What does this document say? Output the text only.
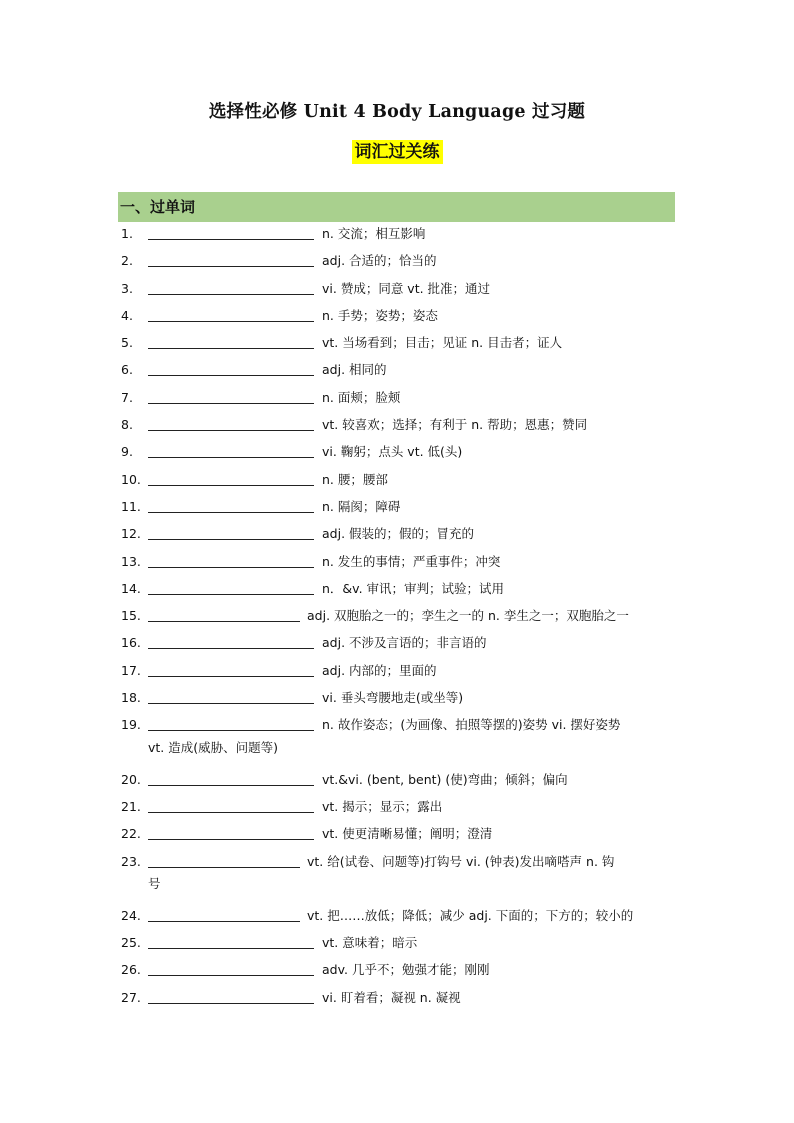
选择性必修 Unit 4 Body Language 过习题
词汇过关练
一、过单词
1.	n. 交流；相互影响
2.	adj. 合适的；恰当的
3.	vi. 赞成；同意 vt. 批准；通过
4.	n. 手势；姿势；姿态
5.	vt. 当场看到；目击；见证 n. 目击者；证人
6.	adj. 相同的
7.	n. 面颊；脸颊
8.	vt. 较喜欢；选择；有利于 n. 帮助；恩惠；赞同
9.	vi. 鞠躬；点头 vt. 低(头)
10.	n. 腰；腰部
11.	n. 隔阂；障碍
12.	adj. 假装的；假的；冒充的
13.	n. 发生的事情；严重事件；冲突
14.	n．&v. 审讯；审判；试验；试用
15.	adj. 双胞胎之一的；孪生之一的 n. 孪生之一；双胞胎之一
16.	adj. 不涉及言语的；非言语的
17.	adj. 内部的；里面的
18.	vi. 垂头弯腰地走(或坐等)
19.	n. 故作姿态；(为画像、拍照等摆的)姿势 vi. 摆好姿势
vt. 造成(威胁、问题等)
20.	vt.&vi. (bent, bent) (使)弯曲；倾斜；偏向
21.	vt. 揭示；显示；露出
22.	vt. 使更清晰易懂；阐明；澄清
23.	vt. 给(试卷、问题等)打钩号 vi. (钟表)发出嘀嗒声 n. 钩
号
24.	vt. 把……放低；降低；减少 adj. 下面的；下方的；较小的
25.	vt. 意味着；暗示
26.	adv. 几乎不；勉强才能；刚刚
27.	vi. 盯着看；凝视 n. 凝视
